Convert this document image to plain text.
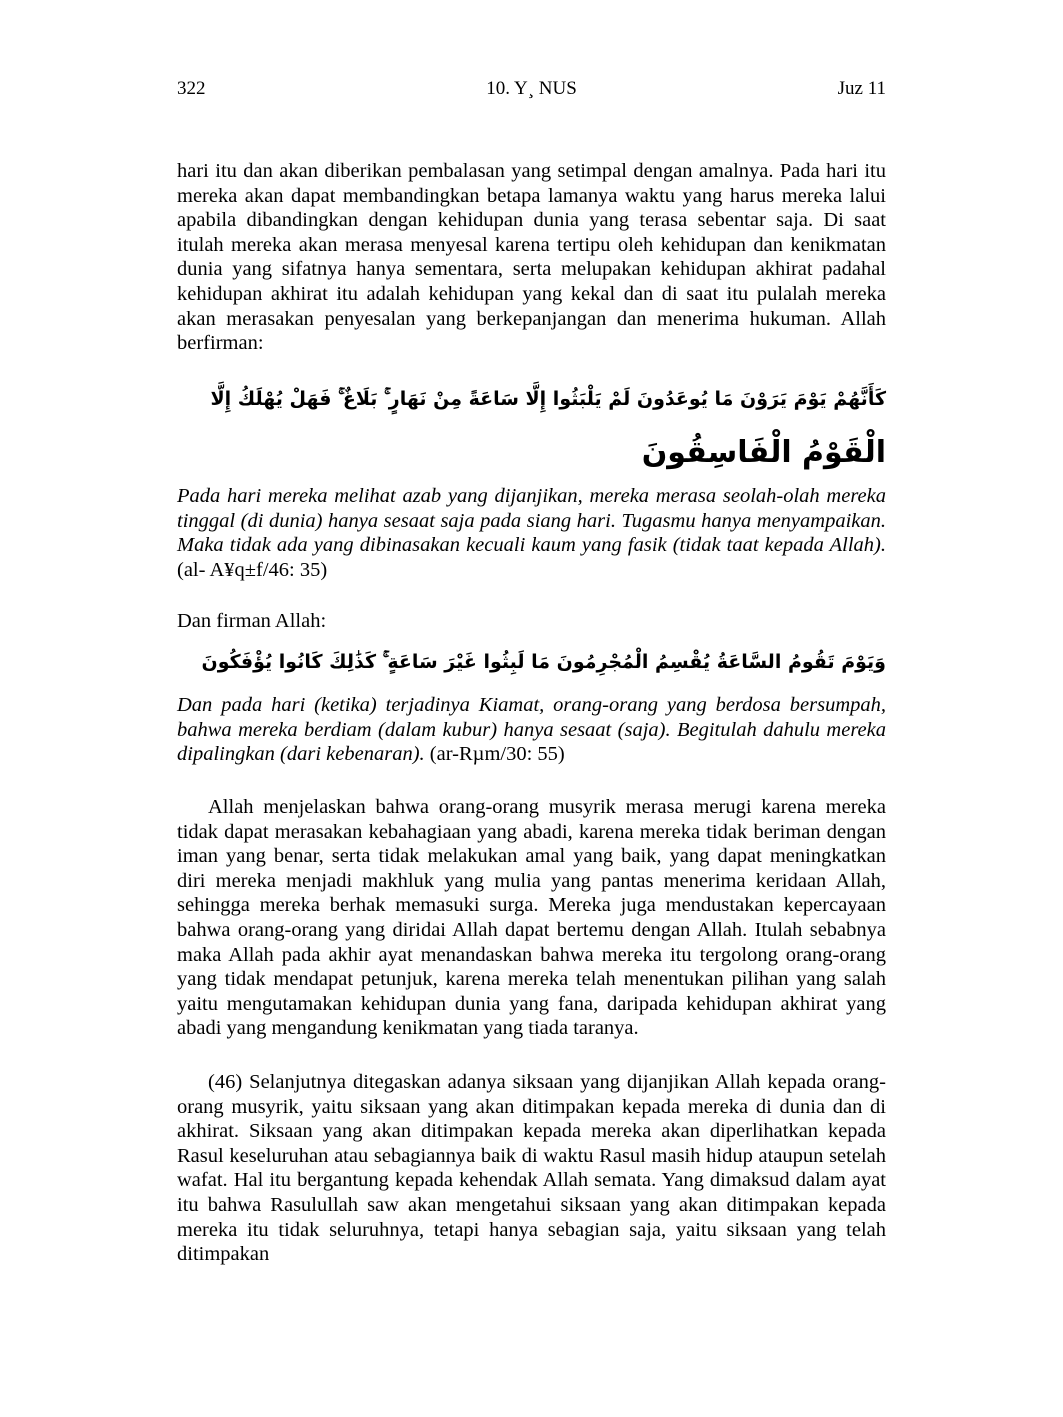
322	10. Y¸ NUS	Juz 11

hari itu dan akan diberikan pembalasan yang setimpal dengan amalnya. Pada hari itu mereka akan dapat membandingkan betapa lamanya waktu yang harus mereka lalui apabila dibandingkan dengan kehidupan dunia yang terasa sebentar saja. Di saat itulah mereka akan merasa menyesal karena tertipu oleh kehidupan dan kenikmatan dunia yang sifatnya hanya sementara, serta melupakan kehidupan akhirat padahal kehidupan akhirat itu adalah kehidupan yang kekal dan di saat itu pulalah mereka akan merasakan penyesalan yang berkepanjangan dan menerima hukuman. Allah berfirman:

كَأَنَّهُمْ يَوْمَ يَرَوْنَ مَا يُوعَدُونَ لَمْ يَلْبَثُوا إِلَّا سَاعَةً مِنْ نَهَارٍ ۚ بَلَاغٌ ۚ فَهَلْ يُهْلَكُ إِلَّا
الْقَوْمُ الْفَاسِقُونَ

Pada hari mereka melihat azab yang dijanjikan, mereka merasa seolah-olah mereka tinggal (di dunia) hanya sesaat saja pada siang hari. Tugasmu hanya menyampaikan. Maka tidak ada yang dibinasakan kecuali kaum yang fasik (tidak taat kepada Allah). (al- A¥q±f/46: 35)

Dan firman Allah:

وَيَوْمَ تَقُومُ السَّاعَةُ يُقْسِمُ الْمُجْرِمُونَ مَا لَبِثُوا غَيْرَ سَاعَةٍ ۚ كَذَٰلِكَ كَانُوا يُؤْفَكُونَ

Dan pada hari (ketika) terjadinya Kiamat, orang-orang yang berdosa bersumpah, bahwa mereka berdiam (dalam kubur) hanya sesaat (saja). Begitulah dahulu mereka dipalingkan (dari kebenaran). (ar-Rµm/30: 55)

Allah menjelaskan bahwa orang-orang musyrik merasa merugi karena mereka tidak dapat merasakan kebahagiaan yang abadi, karena mereka tidak beriman dengan iman yang benar, serta tidak melakukan amal yang baik, yang dapat meningkatkan diri mereka menjadi makhluk yang mulia yang pantas menerima keridaan Allah, sehingga mereka berhak memasuki surga. Mereka juga mendustakan kepercayaan bahwa orang-orang yang diridai Allah dapat bertemu dengan Allah. Itulah sebabnya maka Allah pada akhir ayat menandaskan bahwa mereka itu tergolong orang-orang yang tidak mendapat petunjuk, karena mereka telah menentukan pilihan yang salah yaitu mengutamakan kehidupan dunia yang fana, daripada kehidupan akhirat yang abadi yang mengandung kenikmatan yang tiada taranya.

(46) Selanjutnya ditegaskan adanya siksaan yang dijanjikan Allah kepada orang-orang musyrik, yaitu siksaan yang akan ditimpakan kepada mereka di dunia dan di akhirat. Siksaan yang akan ditimpakan kepada mereka akan diperlihatkan kepada Rasul keseluruhan atau sebagiannya baik di waktu Rasul masih hidup ataupun setelah wafat. Hal itu bergantung kepada kehendak Allah semata. Yang dimaksud dalam ayat itu bahwa Rasulullah saw akan mengetahui siksaan yang akan ditimpakan kepada mereka itu tidak seluruhnya, tetapi hanya sebagian saja, yaitu siksaan yang telah ditimpakan
